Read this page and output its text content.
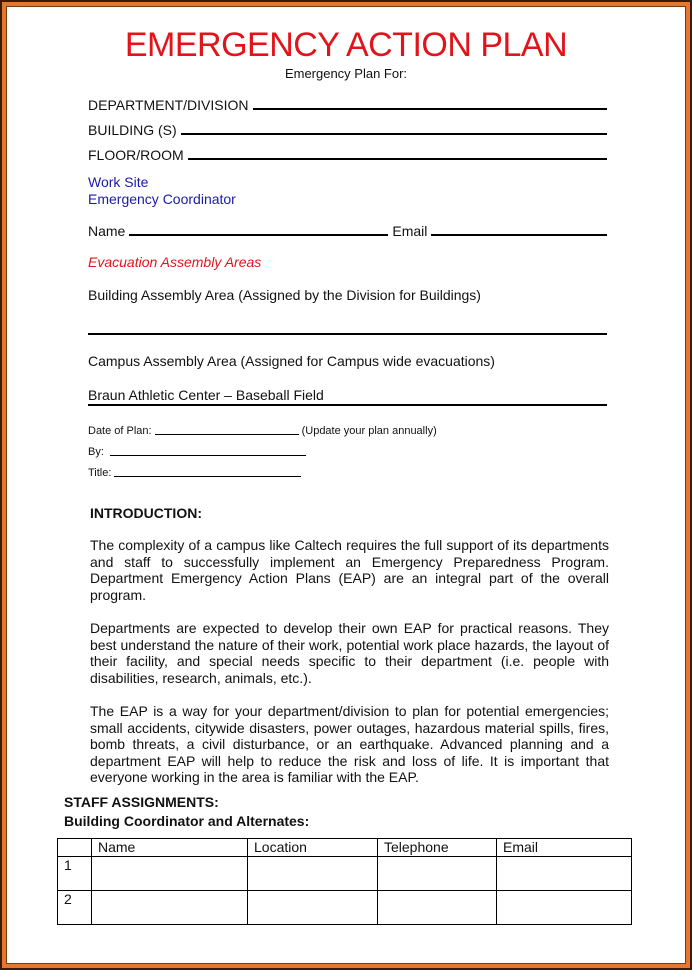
EMERGENCY ACTION PLAN
Emergency Plan For:
DEPARTMENT/DIVISION
BUILDING (S)
FLOOR/ROOM
Work Site
Emergency Coordinator
Name	Email
Evacuation Assembly Areas
Building Assembly Area (Assigned by the Division for Buildings)
Campus Assembly Area (Assigned for Campus wide evacuations)
Braun Athletic Center – Baseball Field
Date of Plan:	(Update your plan annually)
By:
Title:
INTRODUCTION:

The complexity of a campus like Caltech requires the full support of its departments and staff to successfully implement an Emergency Preparedness Program. Department Emergency Action Plans (EAP) are an integral part of the overall program.

Departments are expected to develop their own EAP for practical reasons. They best understand the nature of their work, potential work place hazards, the layout of their facility, and special needs specific to their department (i.e. people with disabilities, research, animals, etc.).

The EAP is a way for your department/division to plan for potential emergencies; small accidents, citywide disasters, power outages, hazardous material spills, fires, bomb threats, a civil disturbance, or an earthquake. Advanced planning and a department EAP will help to reduce the risk and loss of life. It is important that everyone working in the area is familiar with the EAP.

STAFF ASSIGNMENTS:
Building Coordinator and Alternates:
	Name	Location	Telephone	Email
1				
2				
